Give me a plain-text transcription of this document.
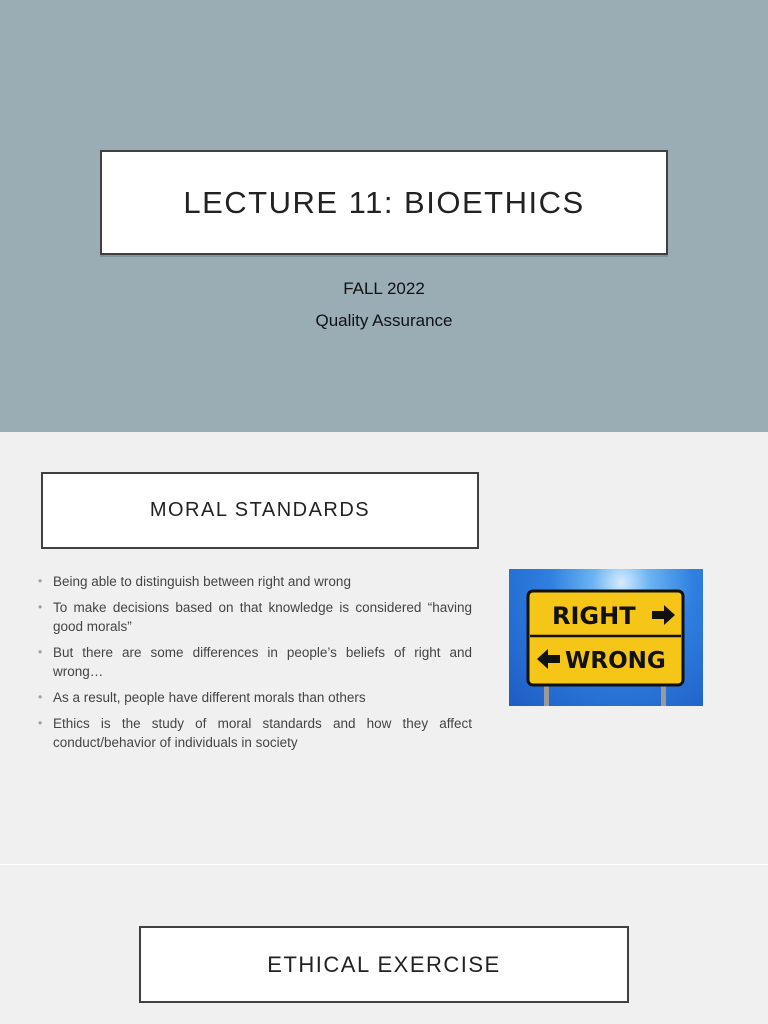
LECTURE 11: BIOETHICS
FALL 2022
Quality Assurance
MORAL STANDARDS
• Being able to distinguish between right and wrong
• To make decisions based on that knowledge is considered “having good morals”
• But there are some differences in people’s beliefs of right and wrong…
• As a result, people have different morals than others
• Ethics is the study of moral standards and how they affect conduct/behavior of individuals in society
RIGHT
WRONG
ETHICAL EXERCISE
